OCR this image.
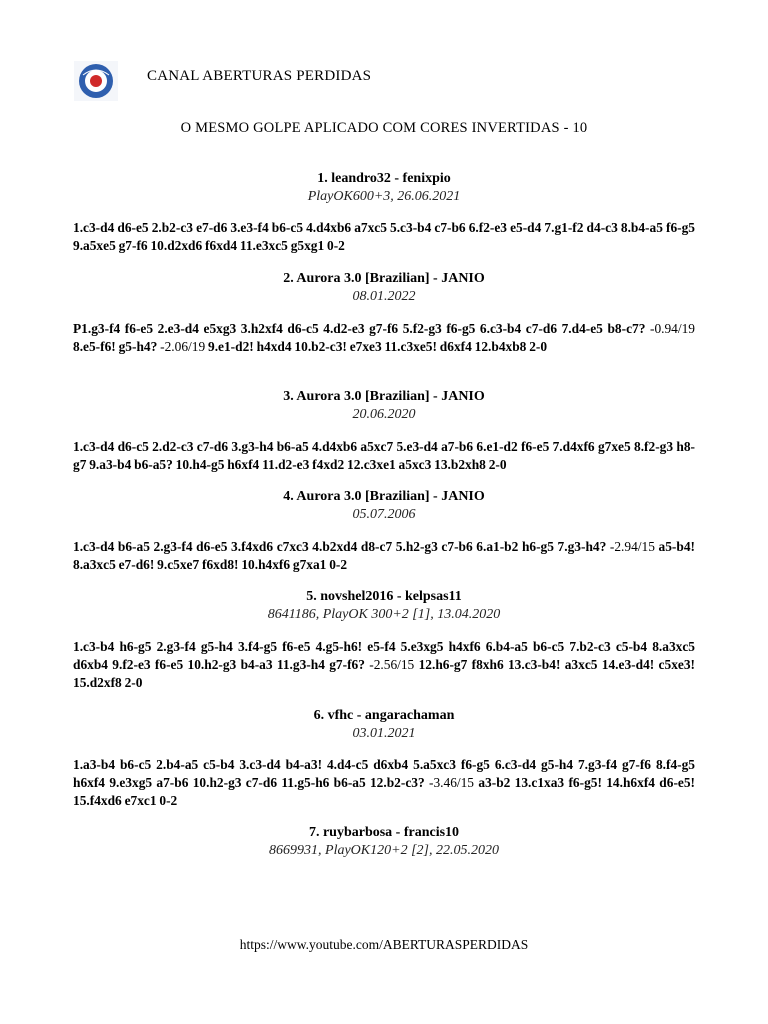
CANAL ABERTURAS PERDIDAS
O MESMO GOLPE APLICADO COM CORES INVERTIDAS - 10
1. leandro32 - fenixpio
PlayOK600+3, 26.06.2021
1.c3-d4 d6-e5 2.b2-c3 e7-d6 3.e3-f4 b6-c5 4.d4xb6 a7xc5 5.c3-b4 c7-b6 6.f2-e3 e5-d4 7.g1-f2 d4-c3 8.b4-a5 f6-g5 9.a5xe5 g7-f6 10.d2xd6 f6xd4 11.e3xc5 g5xg1 0-2
2. Aurora 3.0 [Brazilian] - JANIO
08.01.2022
P1.g3-f4 f6-e5 2.e3-d4 e5xg3 3.h2xf4 d6-c5 4.d2-e3 g7-f6 5.f2-g3 f6-g5 6.c3-b4 c7-d6 7.d4-e5 b8-c7? -0.94/19 8.e5-f6! g5-h4? -2.06/19 9.e1-d2! h4xd4 10.b2-c3! e7xe3 11.c3xe5! d6xf4 12.b4xb8 2-0
3. Aurora 3.0 [Brazilian] - JANIO
20.06.2020
1.c3-d4 d6-c5 2.d2-c3 c7-d6 3.g3-h4 b6-a5 4.d4xb6 a5xc7 5.e3-d4 a7-b6 6.e1-d2 f6-e5 7.d4xf6 g7xe5 8.f2-g3 h8-g7 9.a3-b4 b6-a5? 10.h4-g5 h6xf4 11.d2-e3 f4xd2 12.c3xe1 a5xc3 13.b2xh8 2-0
4. Aurora 3.0 [Brazilian] - JANIO
05.07.2006
1.c3-d4 b6-a5 2.g3-f4 d6-e5 3.f4xd6 c7xc3 4.b2xd4 d8-c7 5.h2-g3 c7-b6 6.a1-b2 h6-g5 7.g3-h4? -2.94/15 a5-b4! 8.a3xc5 e7-d6! 9.c5xe7 f6xd8! 10.h4xf6 g7xa1 0-2
5. novshel2016 - kelpsas11
8641186, PlayOK 300+2 [1], 13.04.2020
1.c3-b4 h6-g5 2.g3-f4 g5-h4 3.f4-g5 f6-e5 4.g5-h6! e5-f4 5.e3xg5 h4xf6 6.b4-a5 b6-c5 7.b2-c3 c5-b4 8.a3xc5 d6xb4 9.f2-e3 f6-e5 10.h2-g3 b4-a3 11.g3-h4 g7-f6? -2.56/15 12.h6-g7 f8xh6 13.c3-b4! a3xc5 14.e3-d4! c5xe3! 15.d2xf8 2-0
6. vfhc - angarachaman
03.01.2021
1.a3-b4 b6-c5 2.b4-a5 c5-b4 3.c3-d4 b4-a3! 4.d4-c5 d6xb4 5.a5xc3 f6-g5 6.c3-d4 g5-h4 7.g3-f4 g7-f6 8.f4-g5 h6xf4 9.e3xg5 a7-b6 10.h2-g3 c7-d6 11.g5-h6 b6-a5 12.b2-c3? -3.46/15 a3-b2 13.c1xa3 f6-g5! 14.h6xf4 d6-e5! 15.f4xd6 e7xc1 0-2
7. ruybarbosa - francis10
8669931, PlayOK120+2 [2], 22.05.2020
https://www.youtube.com/ABERTURASPERDIDAS
